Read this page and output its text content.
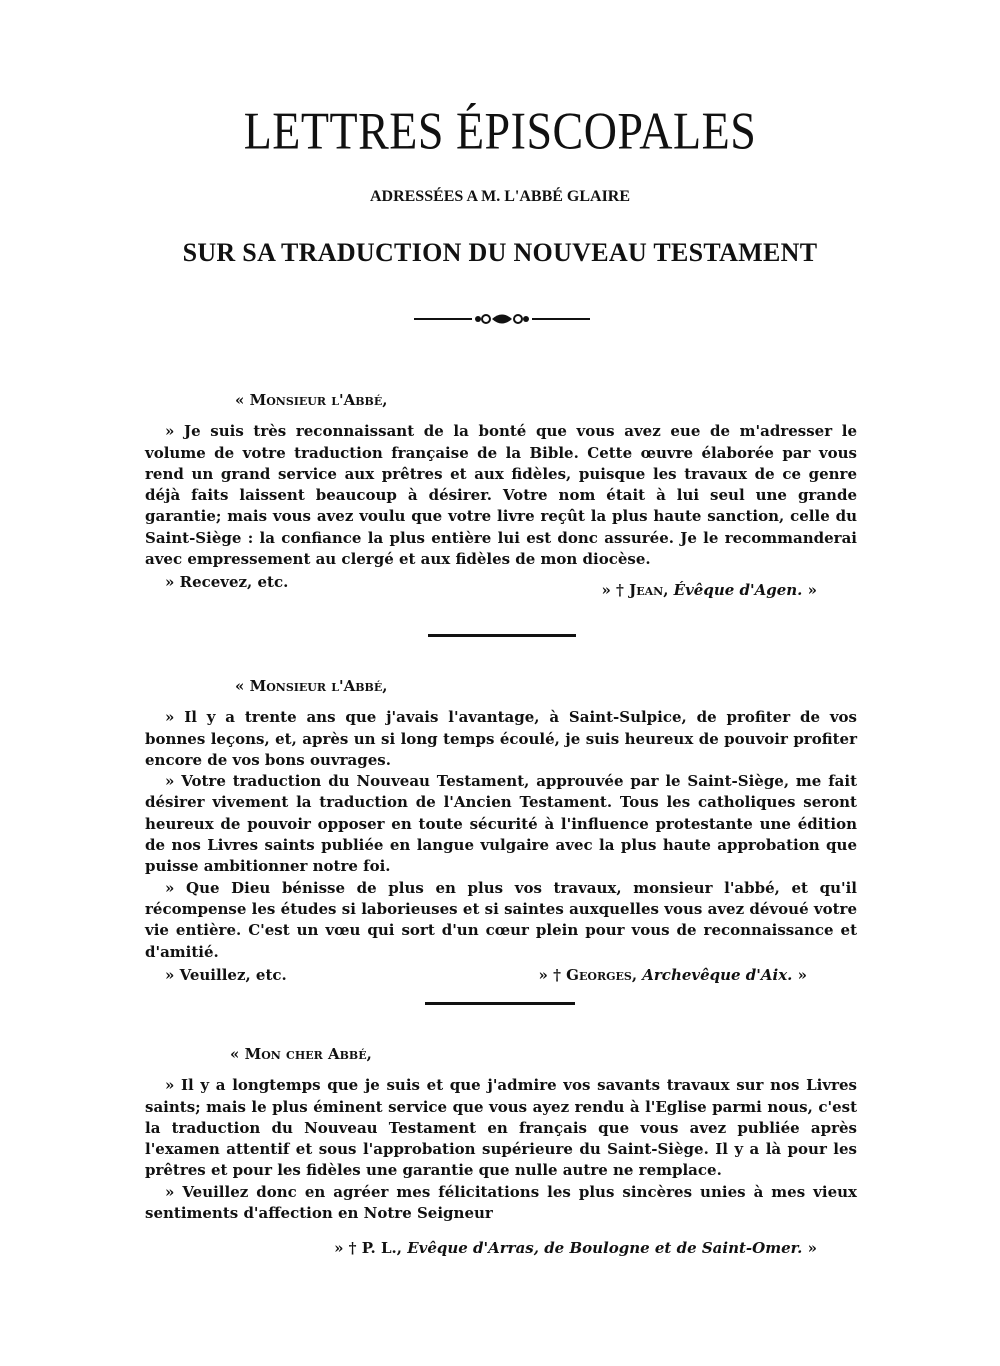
LETTRES ÉPISCOPALES
ADRESSÉES A M. L'ABBÉ GLAIRE
SUR SA TRADUCTION DU NOUVEAU TESTAMENT

« Monsieur l'Abbé,

» Je suis très reconnaissant de la bonté que vous avez eue de m'adresser le volume de votre traduction française de la Bible. Cette œuvre élaborée par vous rend un grand service aux prêtres et aux fidèles, puisque les travaux de ce genre déjà faits laissent beaucoup à désirer. Votre nom était à lui seul une grande garantie; mais vous avez voulu que votre livre reçût la plus haute sanction, celle du Saint-Siège : la confiance la plus entière lui est donc assurée. Je le recommanderai avec empressement au clergé et aux fidèles de mon diocèse.

» Recevez, etc.	» † Jean, Évêque d'Agen. »

« Monsieur l'Abbé,

» Il y a trente ans que j'avais l'avantage, à Saint-Sulpice, de profiter de vos bonnes leçons, et, après un si long temps écoulé, je suis heureux de pouvoir profiter encore de vos bons ouvrages.

» Votre traduction du Nouveau Testament, approuvée par le Saint-Siège, me fait désirer vivement la traduction de l'Ancien Testament. Tous les catholiques seront heureux de pouvoir opposer en toute sécurité à l'influence protestante une édition de nos Livres saints publiée en langue vulgaire avec la plus haute approbation que puisse ambitionner notre foi.

» Que Dieu bénisse de plus en plus vos travaux, monsieur l'abbé, et qu'il récompense les études si laborieuses et si saintes auxquelles vous avez dévoué votre vie entière. C'est un vœu qui sort d'un cœur plein pour vous de reconnaissance et d'amitié.

» Veuillez, etc.	» † Georges, Archevêque d'Aix. »

« Mon cher Abbé,

» Il y a longtemps que je suis et que j'admire vos savants travaux sur nos Livres saints; mais le plus éminent service que vous ayez rendu à l'Eglise parmi nous, c'est la traduction du Nouveau Testament en français que vous avez publiée après l'examen attentif et sous l'approbation supérieure du Saint-Siège. Il y a là pour les prêtres et pour les fidèles une garantie que nulle autre ne remplace.

» Veuillez donc en agréer mes félicitations les plus sincères unies à mes vieux sentiments d'affection en Notre Seigneur

» † P. L., Evêque d'Arras, de Boulogne et de Saint-Omer. »
